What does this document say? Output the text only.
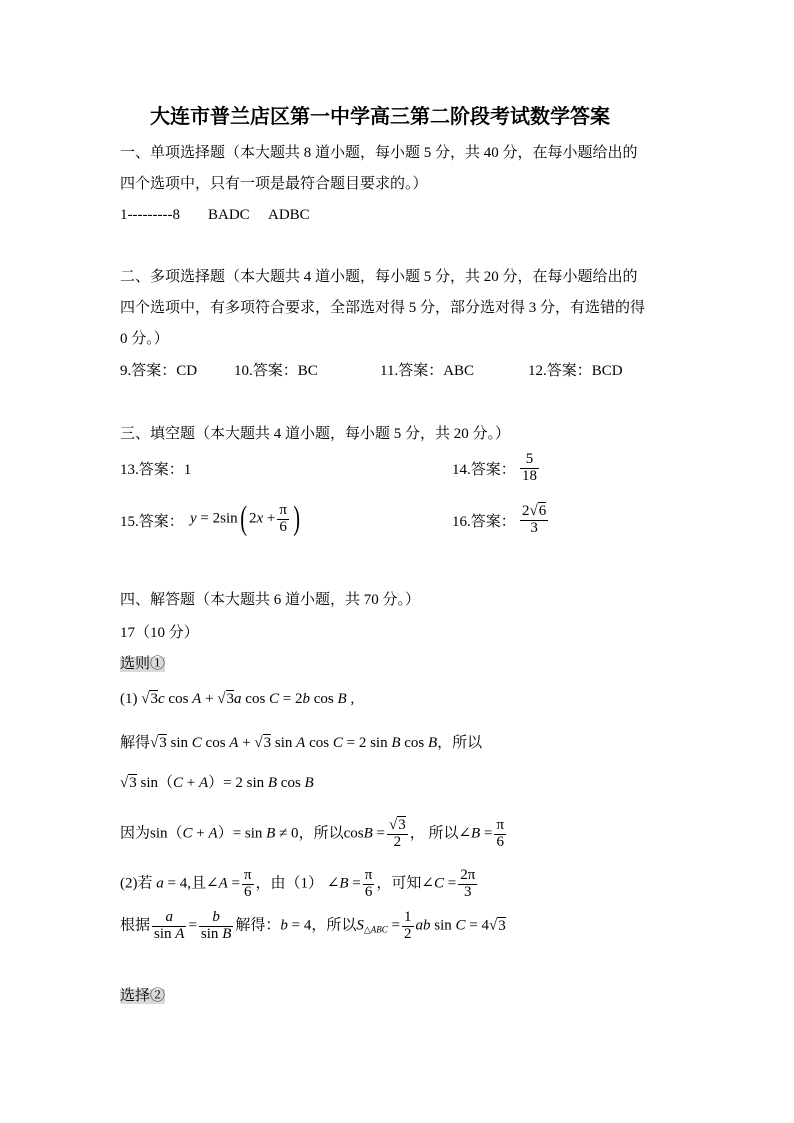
大连市普兰店区第一中学高三第二阶段考试数学答案
一、单项选择题（本大题共 8 道小题，每小题 5 分，共 40 分，在每小题给出的
四个选项中，只有一项是最符合题目要求的。）
1---------8 BADC ADBC
二、多项选择题（本大题共 4 道小题，每小题 5 分，共 20 分，在每小题给出的
四个选项中，有多项符合要求，全部选对得 5 分，部分选对得 3 分，有选错的得
0 分。）
9.答案：CD 10.答案：BC	11.答案：ABC	12.答案：BCD
三、填空题（本大题共 4 道小题，每小题 5 分，共 20 分。）
13.答案：1	14.答案： $\frac{5}{18}$
15.答案： y = 2sin( $2x + \frac{\pi}{6}$ )	16.答案： $\frac{2√6}{3}$
四、解答题（本大题共 6 道小题，共 70 分。）
17（10 分）
选则①
(1) √3c cos A + √3a cos C = 2b cos B ,
解得√3 sin C cos A + √3 sin A cos C = 2 sin B cos B，所以
√3 sin（C + A）= 2 sin B cos B
因为sin（C + A）= sin B ≠ 0，所以$\cos B = \frac{√3}{2}$ ， 所以∠B = $\frac{\pi}{6}$
(2)若 a = 4,且∠A = $\frac{\pi}{6}$ ，由（1） ∠B = $\frac{\pi}{6}$ ，可知∠C = $\frac{2\pi}{3}$
根据 $\frac{a}{\text{sin A}} = \frac{b}{\text{sin B}}$ 解得：b = 4，所以$S_{\triangle ABC} = \frac{1}{2}$ ab sin C = 4√3
选择②
